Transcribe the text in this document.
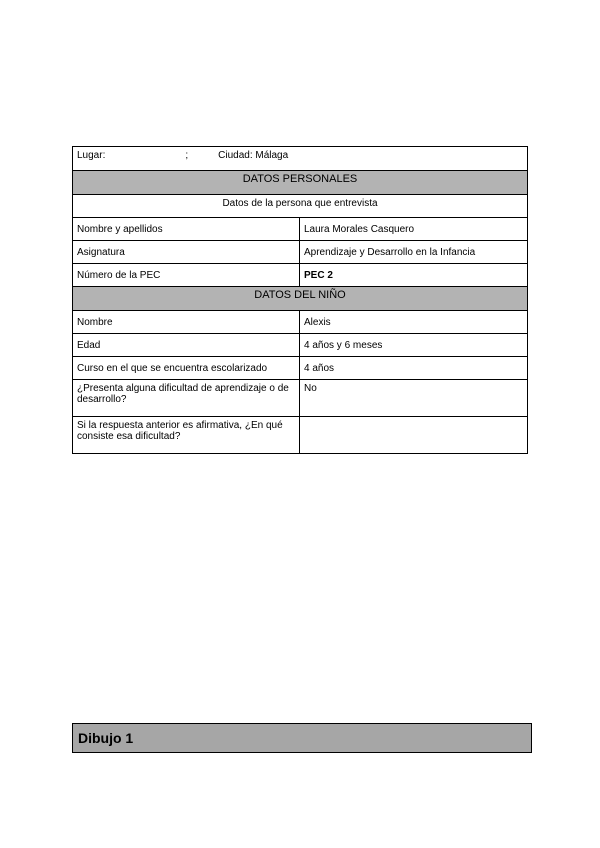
Lugar: ; Ciudad: Málaga	
DATOS PERSONALES	
Datos de la persona que entrevista	
Nombre y apellidos	Laura Morales Casquero
Asignatura	Aprendizaje y Desarrollo en la Infancia
Número de la PEC	PEC 2
DATOS DEL NIÑO	
Nombre	Alexis
Edad	4 años y 6 meses
Curso en el que se encuentra escolarizado	4 años
¿Presenta alguna dificultad de aprendizaje o de desarrollo?	No
Si la respuesta anterior es afirmativa, ¿En qué consiste esa dificultad?	
Dibujo 1
